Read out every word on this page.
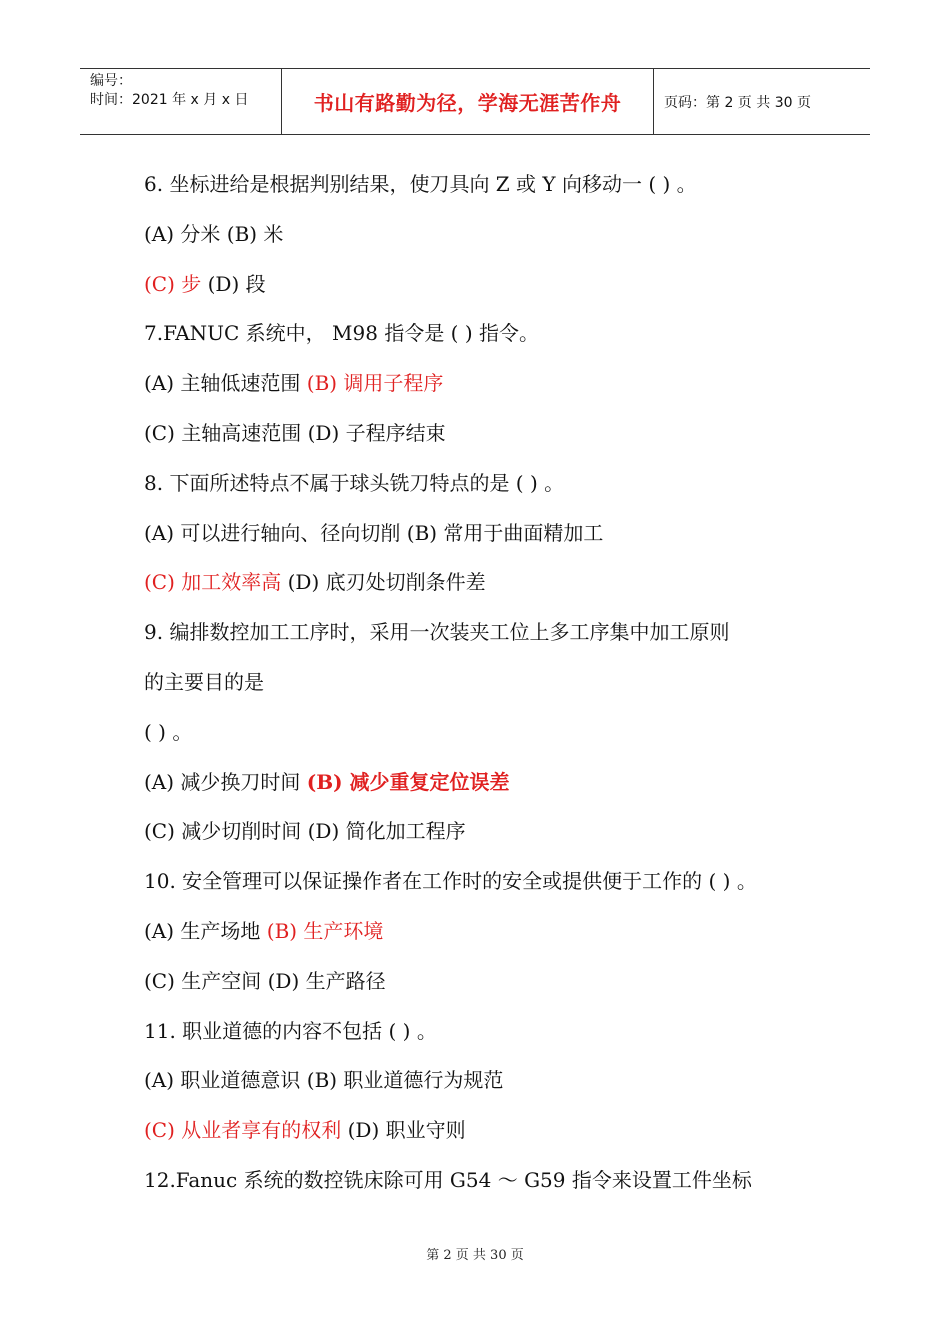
编号：
时间：2021 年 x 月 x 日	书山有路勤为径，学海无涯苦作舟	页码：第 2 页 共 30 页
6. 坐标进给是根据判别结果，使刀具向 Z 或 Y 向移动一 ( ) 。
(A) 分米 (B) 米
(C) 步 (D) 段
7.FANUC 系统中， M98 指令是 ( ) 指令。
(A) 主轴低速范围 (B) 调用子程序
(C) 主轴高速范围 (D) 子程序结束
8. 下面所述特点不属于球头铣刀特点的是 ( ) 。
(A) 可以进行轴向、径向切削 (B) 常用于曲面精加工
(C) 加工效率高 (D) 底刃处切削条件差
9. 编排数控加工工序时，采用一次装夹工位上多工序集中加工原则
的主要目的是
( ) 。
(A) 减少换刀时间 (B) 减少重复定位误差
(C) 减少切削时间 (D) 简化加工程序
10. 安全管理可以保证操作者在工作时的安全或提供便于工作的 ( ) 。
(A) 生产场地 (B) 生产环境
(C) 生产空间 (D) 生产路径
11. 职业道德的内容不包括 ( ) 。
(A) 职业道德意识 (B) 职业道德行为规范
(C) 从业者享有的权利 (D) 职业守则
12.Fanuc 系统的数控铣床除可用 G54 ～ G59 指令来设置工件坐标
第 2 页 共 30 页
